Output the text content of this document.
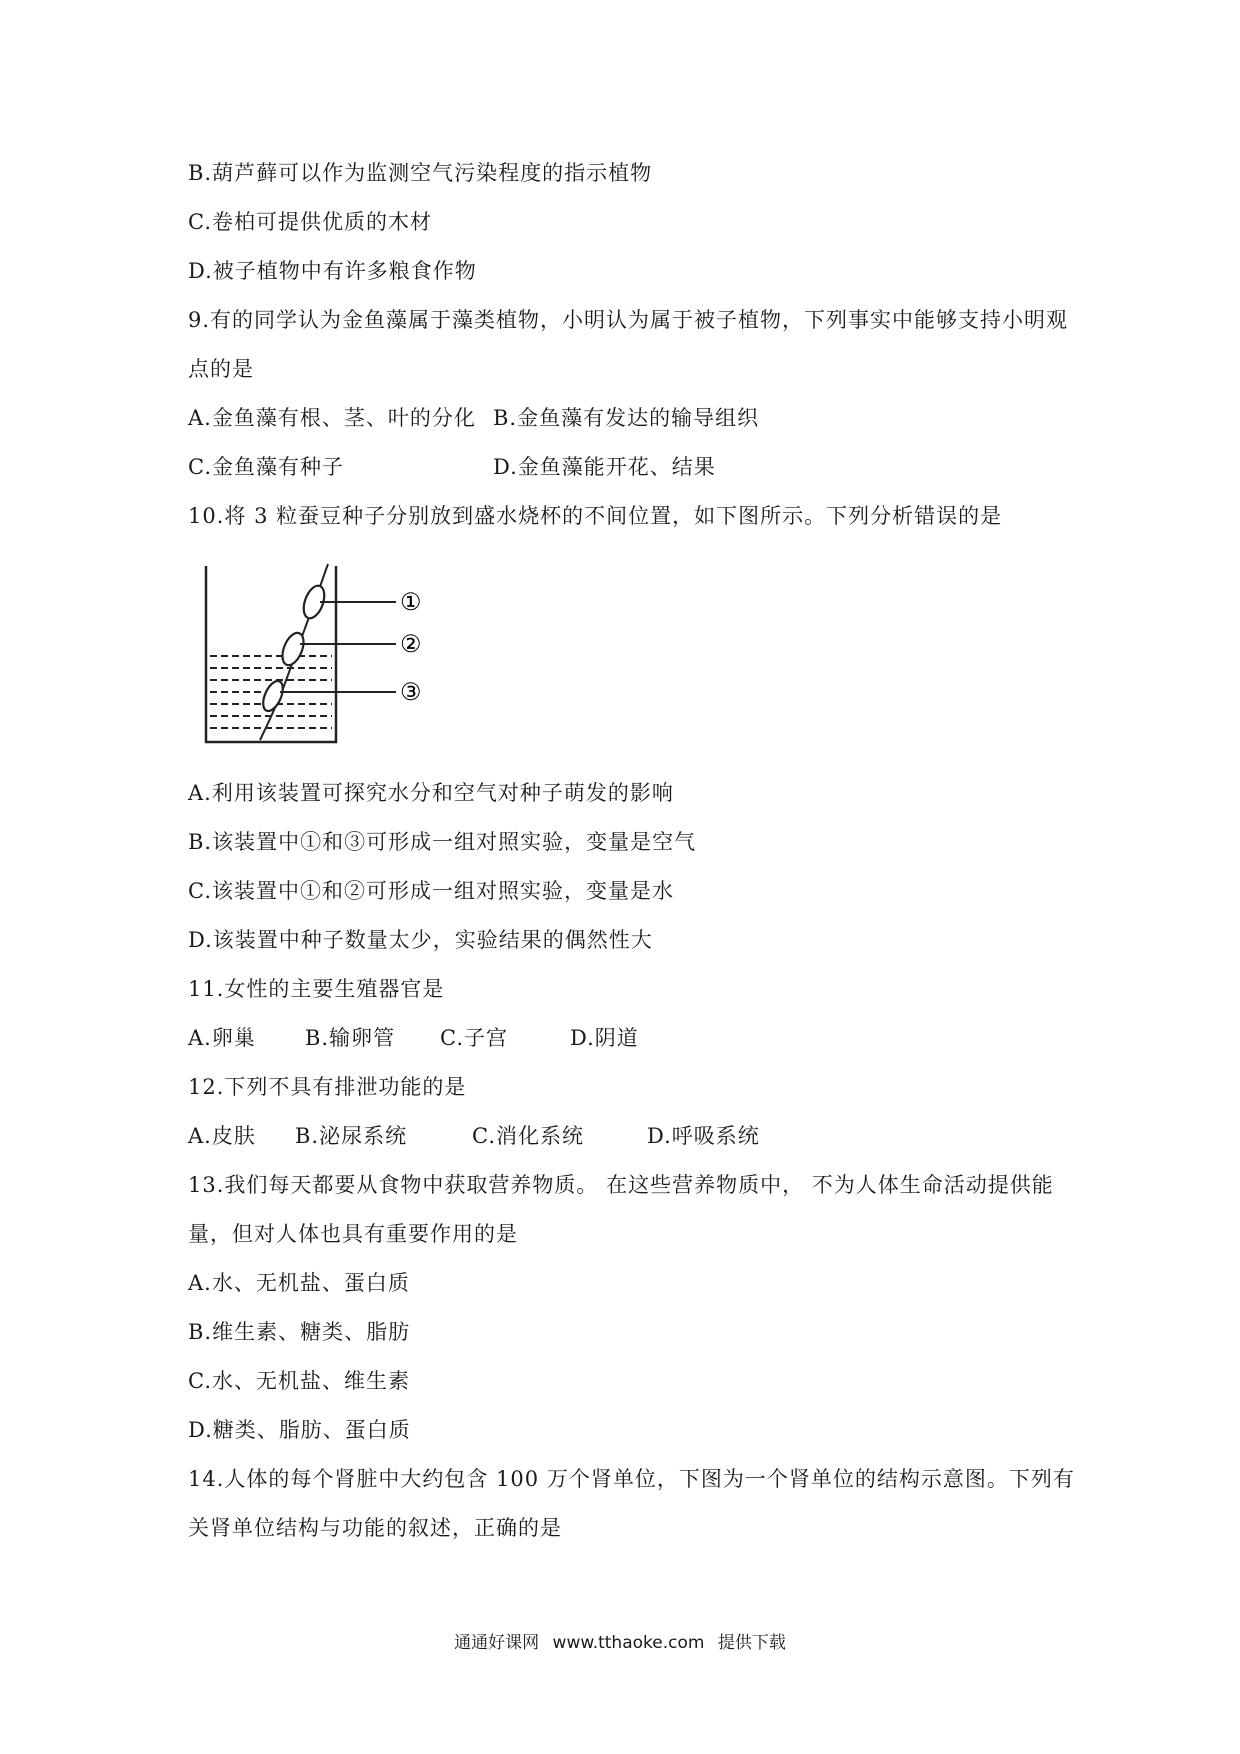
B.葫芦藓可以作为监测空气污染程度的指示植物
C.卷柏可提供优质的木材
D.被子植物中有许多粮食作物
9.有的同学认为金鱼藻属于藻类植物，小明认为属于被子植物，下列事实中能够支持小明观
点的是
A.金鱼藻有根、茎、叶的分化 B.金鱼藻有发达的输导组织
C.金鱼藻有种子	D.金鱼藻能开花、结果
10.将 3 粒蚕豆种子分别放到盛水烧杯的不间位置，如下图所示。下列分析错误的是
①
②
③
A.利用该装置可探究水分和空气对种子萌发的影响
B.该装置中①和③可形成一组对照实验，变量是空气
C.该装置中①和②可形成一组对照实验，变量是水
D.该装置中种子数量太少，实验结果的偶然性大
11.女性的主要生殖器官是
A.卵巢 B.输卵管 C.子宫	D.阴道
12.下列不具有排泄功能的是
A.皮肤 B.泌尿系统	C.消化系统	D.呼吸系统
13.我们每天都要从食物中获取营养物质。 在这些营养物质中， 不为人体生命活动提供能
量，但对人体也具有重要作用的是
A.水、无机盐、蛋白质
B.维生素、糖类、脂肪
C.水、无机盐、维生素
D.糖类、脂肪、蛋白质
14.人体的每个肾脏中大约包含 100 万个肾单位，下图为一个肾单位的结构示意图。下列有
关肾单位结构与功能的叙述，正确的是
通通好课网 www.tthaoke.com 提供下载
